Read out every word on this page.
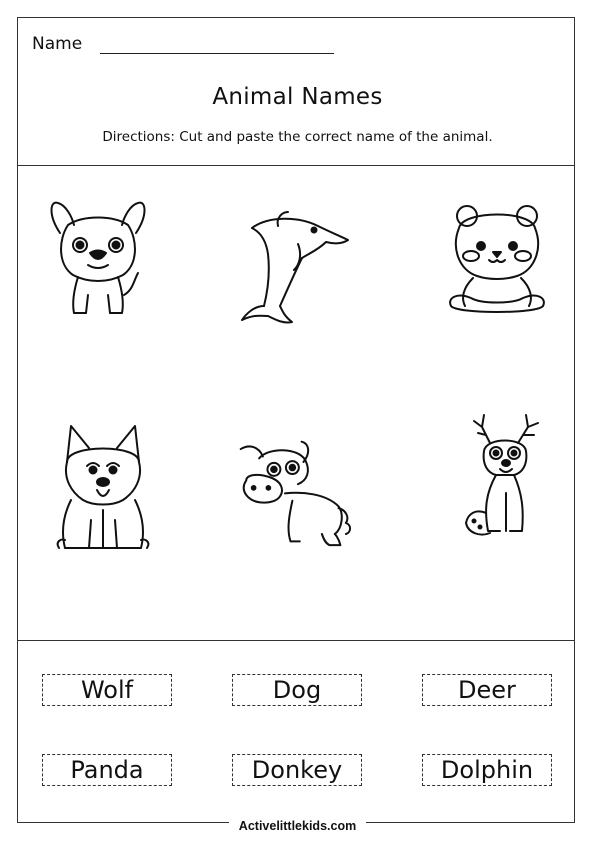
Name
Animal Names
Directions: Cut and paste the correct name of the animal.
Wolf	Dog	Deer
Panda	Donkey	Dolphin
Activelittlekids.com
